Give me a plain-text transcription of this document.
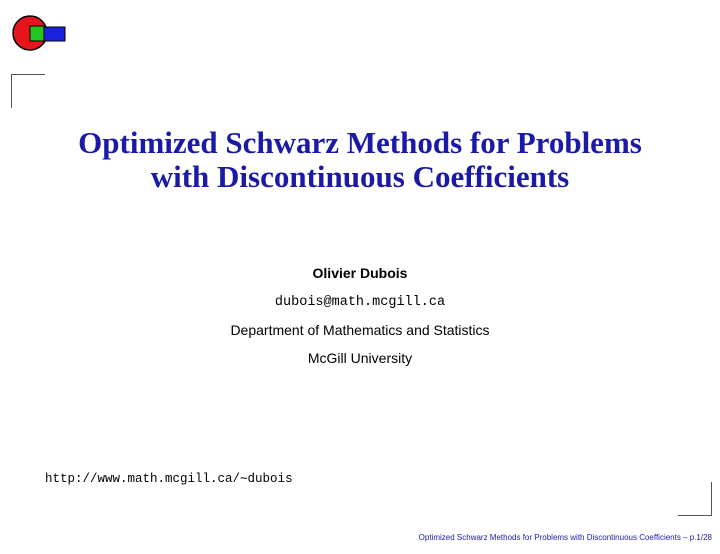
Optimized Schwarz Methods for Problems
with Discontinuous Coefficients
Olivier Dubois
dubois@math.mcgill.ca
Department of Mathematics and Statistics
McGill University
http://www.math.mcgill.ca/∼dubois
Optimized Schwarz Methods for Problems with Discontinuous Coefficients – p.1/28
